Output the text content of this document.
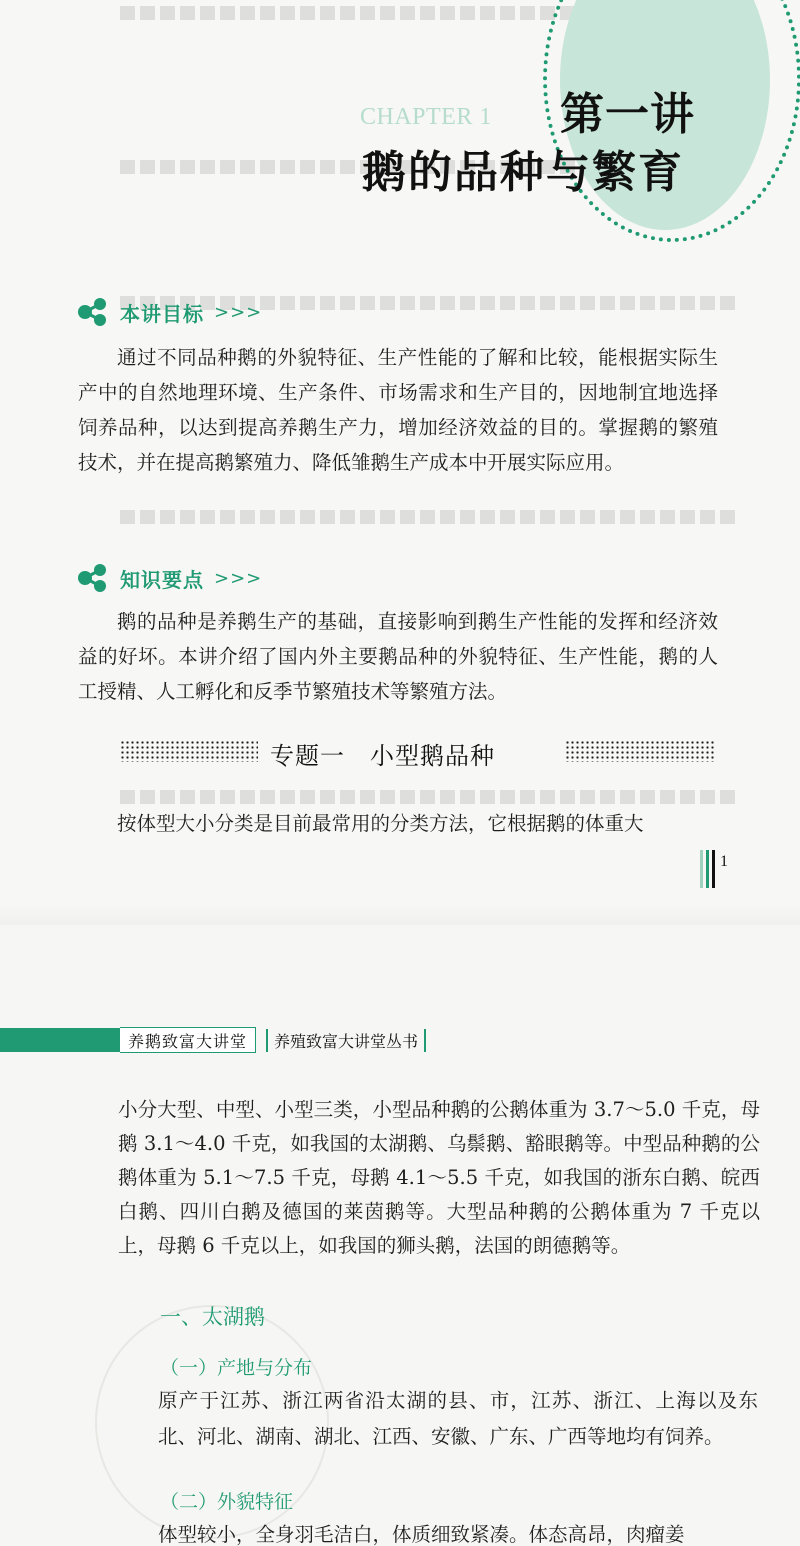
CHAPTER 1	第一讲
鹅的品种与繁育
本讲目标 >>>
通过不同品种鹅的外貌特征、生产性能的了解和比较，能根据实际生产中的自然地理环境、生产条件、市场需求和生产目的，因地制宜地选择饲养品种，以达到提高养鹅生产力，增加经济效益的目的。掌握鹅的繁殖技术，并在提高鹅繁殖力、降低雏鹅生产成本中开展实际应用。
知识要点 >>>
鹅的品种是养鹅生产的基础，直接影响到鹅生产性能的发挥和经济效益的好坏。本讲介绍了国内外主要鹅品种的外貌特征、生产性能，鹅的人工授精、人工孵化和反季节繁殖技术等繁殖方法。
专题一　小型鹅品种
按体型大小分类是目前最常用的分类方法，它根据鹅的体重大
1
养鹅致富大讲堂	养殖致富大讲堂丛书
小分大型、中型、小型三类，小型品种鹅的公鹅体重为 3.7～5.0 千克，母鹅 3.1～4.0 千克，如我国的太湖鹅、乌鬃鹅、豁眼鹅等。中型品种鹅的公鹅体重为 5.1～7.5 千克，母鹅 4.1～5.5 千克，如我国的浙东白鹅、皖西白鹅、四川白鹅及德国的莱茵鹅等。大型品种鹅的公鹅体重为 7 千克以上，母鹅 6 千克以上，如我国的狮头鹅，法国的朗德鹅等。
一、太湖鹅
（一）产地与分布
原产于江苏、浙江两省沿太湖的县、市，江苏、浙江、上海以及东北、河北、湖南、湖北、江西、安徽、广东、广西等地均有饲养。
（二）外貌特征
体型较小，全身羽毛洁白，体质细致紧凑。体态高昂，肉瘤姜
